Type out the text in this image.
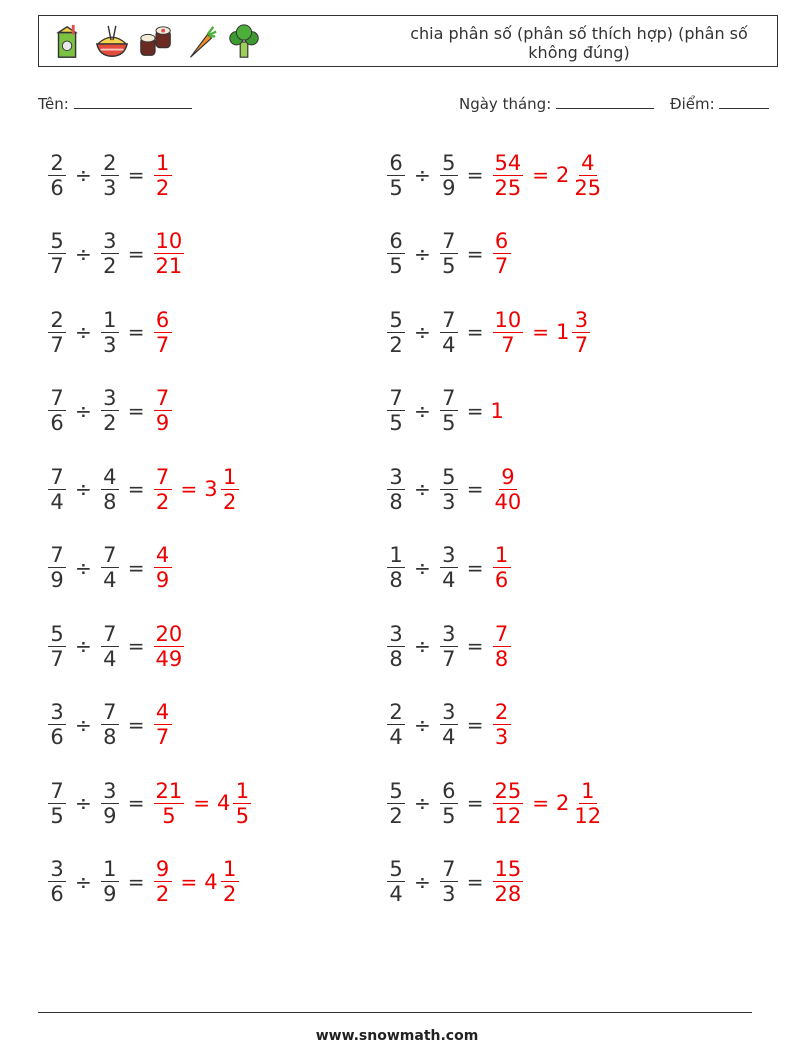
chia phân số (phân số thích hợp) (phân số không đúng)
Tên:	Ngày tháng:	Điểm:
$\frac{2}{6} \div \frac{2}{3} = \frac{1}{2}$	$\frac{6}{5} \div \frac{5}{9} = \frac{54}{25} = 2 \frac{4}{25}$
$\frac{5}{7} \div \frac{3}{2} = \frac{10}{21}$	$\frac{6}{5} \div \frac{7}{5} = \frac{6}{7}$
$\frac{2}{7} \div \frac{1}{3} = \frac{6}{7}$	$\frac{5}{2} \div \frac{7}{4} = \frac{10}{7} = 1 \frac{3}{7}$
$\frac{7}{6} \div \frac{3}{2} = \frac{7}{9}$	$\frac{7}{5} \div \frac{7}{5} = 1$
$\frac{7}{4} \div \frac{4}{8} = \frac{7}{2} = 3 \frac{1}{2}$	$\frac{3}{8} \div \frac{5}{3} = \frac{9}{40}$
$\frac{7}{9} \div \frac{7}{4} = \frac{4}{9}$	$\frac{1}{8} \div \frac{3}{4} = \frac{1}{6}$
$\frac{5}{7} \div \frac{7}{4} = \frac{20}{49}$	$\frac{3}{8} \div \frac{3}{7} = \frac{7}{8}$
$\frac{3}{6} \div \frac{7}{8} = \frac{4}{7}$	$\frac{2}{4} \div \frac{3}{4} = \frac{2}{3}$
$\frac{7}{5} \div \frac{3}{9} = \frac{21}{5} = 4 \frac{1}{5}$	$\frac{5}{2} \div \frac{6}{5} = \frac{25}{12} = 2 \frac{1}{12}$
$\frac{3}{6} \div \frac{1}{9} = \frac{9}{2} = 4 \frac{1}{2}$	$\frac{5}{4} \div \frac{7}{3} = \frac{15}{28}$
www.snowmath.com
